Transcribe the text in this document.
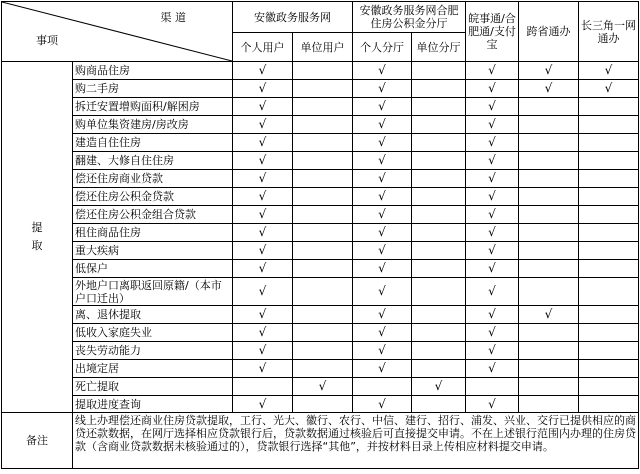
渠 道
事项		安徽政务服务网		安徽政务服务网合肥住房公积金分厅		皖事通/合肥通/支付宝	跨省通办	长三角一网通办
		个人用户	单位用户	个人分厅	单位分厅			

提
取	购商品住房	√		√		√	√	√
	购二手房	√		√		√	√	√
	拆迁安置增购面积/解困房	√		√		√		
	购单位集资建房/房改房	√		√		√		
	建造自住住房	√		√		√		
	翻建、大修自住住房	√		√		√		
	偿还住房商业贷款	√		√		√		
	偿还住房公积金贷款	√		√		√		
	偿还住房公积金组合贷款	√		√		√		
	租住商品住房	√		√		√		
	重大疾病	√		√		√		
	低保户	√		√		√		
	外地户口离职返回原籍/（本市户口迁出）	√		√		√		
	离、退休提取	√		√		√	√	
	低收入家庭失业	√		√		√		
	丧失劳动能力	√		√		√		
	出境定居	√		√		√		
	死亡提取		√		√			
	提取进度查询	√		√		√		
备注	线上办理偿还商业住房贷款提取，工行、光大、徽行、农行、中信、建行、招行、浦发、兴业、交行已提供相应的商贷还款数据，在网厅选择相应贷款银行后，贷款数据通过核验后可直接提交申请。不在上述银行范围内办理的住房贷款（含商业贷款数据未核验通过的），贷款银行选择“其他”，并按材料目录上传相应材料提交申请。							
